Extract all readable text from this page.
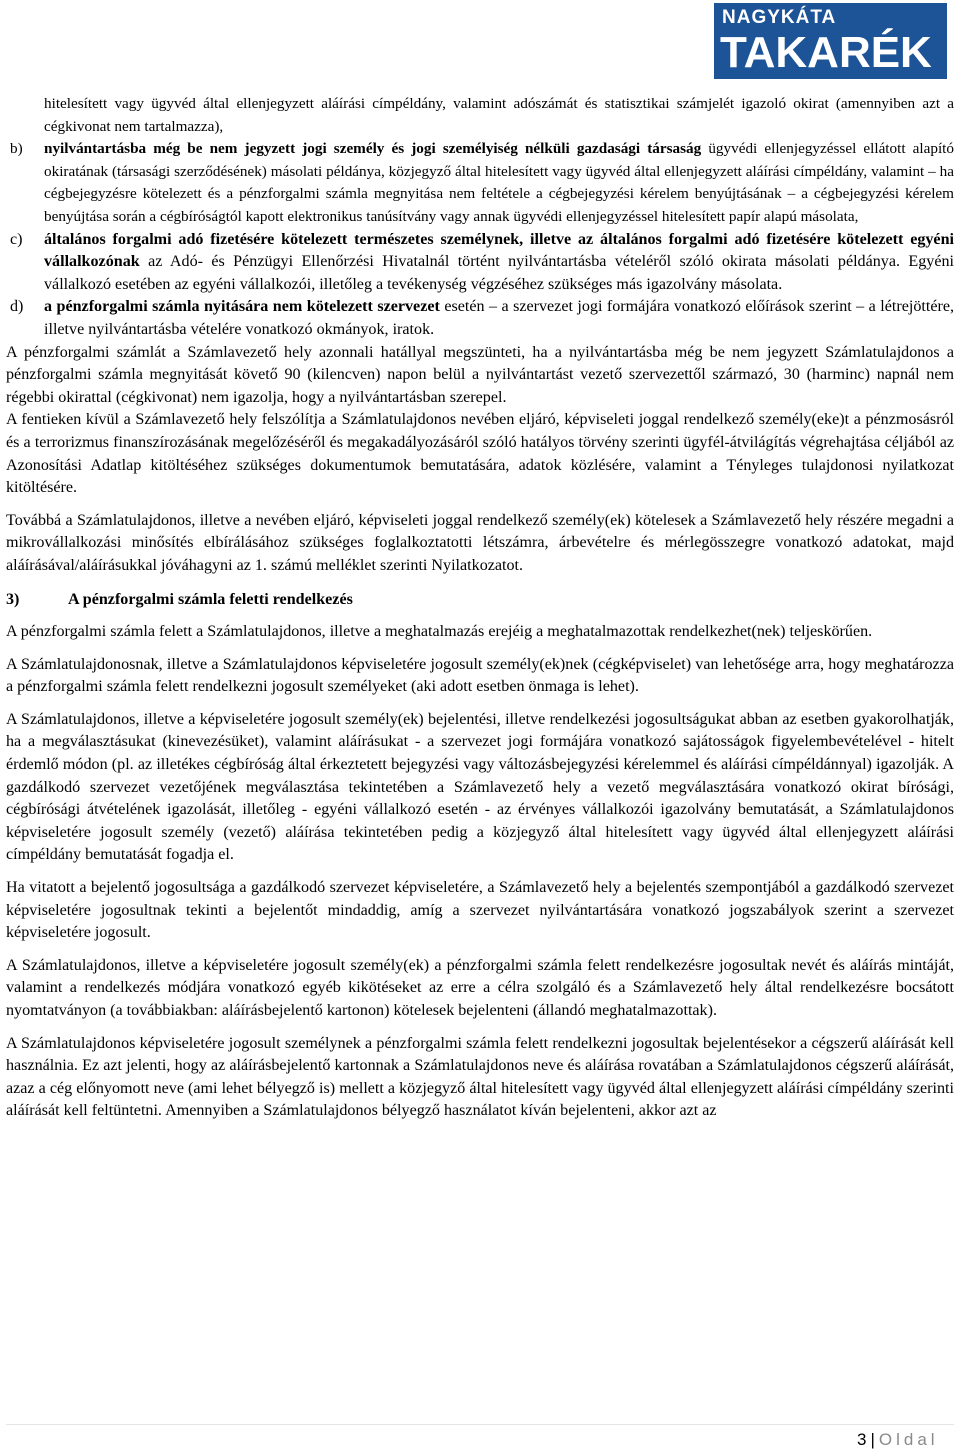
NAGYKÁTA
TAKARÉK
hitelesített vagy ügyvéd által ellenjegyzett aláírási címpéldány, valamint adószámát és statisztikai számjelét igazoló okirat (amennyiben azt a cégkivonat nem tartalmazza),
b)	nyilvántartásba még be nem jegyzett jogi személy és jogi személyiség nélküli gazdasági társaság ügyvédi ellenjegyzéssel ellátott alapító okiratának (társasági szerződésének) másolati példánya, közjegyző által hitelesített vagy ügyvéd által ellenjegyzett aláírási címpéldány, valamint – ha cégbejegyzésre kötelezett és a pénzforgalmi számla megnyitása nem feltétele a cégbejegyzési kérelem benyújtásának – a cégbejegyzési kérelem benyújtása során a cégbíróságtól kapott elektronikus tanúsítvány vagy annak ügyvédi ellenjegyzéssel hitelesített papír alapú másolata,
c)	általános forgalmi adó fizetésére kötelezett természetes személynek, illetve az általános forgalmi adó fizetésére kötelezett egyéni vállalkozónak az Adó- és Pénzügyi Ellenőrzési Hivatalnál történt nyilvántartásba vételéről szóló okirata másolati példánya. Egyéni vállalkozó esetében az egyéni vállalkozói, illetőleg a tevékenység végzéséhez szükséges más igazolvány másolata.
d)	a pénzforgalmi számla nyitására nem kötelezett szervezet esetén – a szervezet jogi formájára vonatkozó előírások szerint – a létrejöttére, illetve nyilvántartásba vételére vonatkozó okmányok, iratok.
A pénzforgalmi számlát a Számlavezető hely azonnali hatállyal megszünteti, ha a nyilvántartásba még be nem jegyzett Számlatulajdonos a pénzforgalmi számla megnyitását követő 90 (kilencven) napon belül a nyilvántartást vezető szervezettől származó, 30 (harminc) napnál nem régebbi okirattal (cégkivonat) nem igazolja, hogy a nyilvántartásban szerepel.
A fentieken kívül a Számlavezető hely felszólítja a Számlatulajdonos nevében eljáró, képviseleti joggal rendelkező személy(eke)t a pénzmosásról és a terrorizmus finanszírozásának megelőzéséről és megakadályozásáról szóló hatályos törvény szerinti ügyfél-átvilágítás végrehajtása céljából az Azonosítási Adatlap kitöltéséhez szükséges dokumentumok bemutatására, adatok közlésére, valamint a Tényleges tulajdonosi nyilatkozat kitöltésére.
Továbbá a Számlatulajdonos, illetve a nevében eljáró, képviseleti joggal rendelkező személy(ek) kötelesek a Számlavezető hely részére megadni a mikrovállalkozási minősítés elbírálásához szükséges foglalkoztatotti létszámra, árbevételre és mérlegösszegre vonatkozó adatokat, majd aláírásával/aláírásukkal jóváhagyni az 1. számú melléklet szerinti Nyilatkozatot.
3)	A pénzforgalmi számla feletti rendelkezés
A pénzforgalmi számla felett a Számlatulajdonos, illetve a meghatalmazás erejéig a meghatalmazottak rendelkezhet(nek) teljeskörűen.
A Számlatulajdonosnak, illetve a Számlatulajdonos képviseletére jogosult személy(ek)nek (cégképviselet) van lehetősége arra, hogy meghatározza a pénzforgalmi számla felett rendelkezni jogosult személyeket (aki adott esetben önmaga is lehet).
A Számlatulajdonos, illetve a képviseletére jogosult személy(ek) bejelentési, illetve rendelkezési jogosultságukat abban az esetben gyakorolhatják, ha a megválasztásukat (kinevezésüket), valamint aláírásukat - a szervezet jogi formájára vonatkozó sajátosságok figyelembevételével - hitelt érdemlő módon (pl. az illetékes cégbíróság által érkeztetett bejegyzési vagy változásbejegyzési kérelemmel és aláírási címpéldánnyal) igazolják. A gazdálkodó szervezet vezetőjének megválasztása tekintetében a Számlavezető hely a vezető megválasztására vonatkozó okirat bírósági, cégbírósági átvételének igazolását, illetőleg - egyéni vállalkozó esetén - az érvényes vállalkozói igazolvány bemutatását, a Számlatulajdonos képviseletére jogosult személy (vezető) aláírása tekintetében pedig a közjegyző által hitelesített vagy ügyvéd által ellenjegyzett aláírási címpéldány bemutatását fogadja el.
Ha vitatott a bejelentő jogosultsága a gazdálkodó szervezet képviseletére, a Számlavezető hely a bejelentés szempontjából a gazdálkodó szervezet képviseletére jogosultnak tekinti a bejelentőt mindaddig, amíg a szervezet nyilvántartására vonatkozó jogszabályok szerint a szervezet képviseletére jogosult.
A Számlatulajdonos, illetve a képviseletére jogosult személy(ek) a pénzforgalmi számla felett rendelkezésre jogosultak nevét és aláírás mintáját, valamint a rendelkezés módjára vonatkozó egyéb kikötéseket az erre a célra szolgáló és a Számlavezető hely által rendelkezésre bocsátott nyomtatványon (a továbbiakban: aláírásbejelentő kartonon) kötelesek bejelenteni (állandó meghatalmazottak).
A Számlatulajdonos képviseletére jogosult személynek a pénzforgalmi számla felett rendelkezni jogosultak bejelentésekor a cégszerű aláírását kell használnia. Ez azt jelenti, hogy az aláírásbejelentő kartonnak a Számlatulajdonos neve és aláírása rovatában a Számlatulajdonos cégszerű aláírását, azaz a cég előnyomott neve (ami lehet bélyegző is) mellett a közjegyző által hitelesített vagy ügyvéd által ellenjegyzett aláírási címpéldány szerinti aláírását kell feltüntetni. Amennyiben a Számlatulajdonos bélyegző használatot kíván bejelenteni, akkor azt az
3 | Oldal
